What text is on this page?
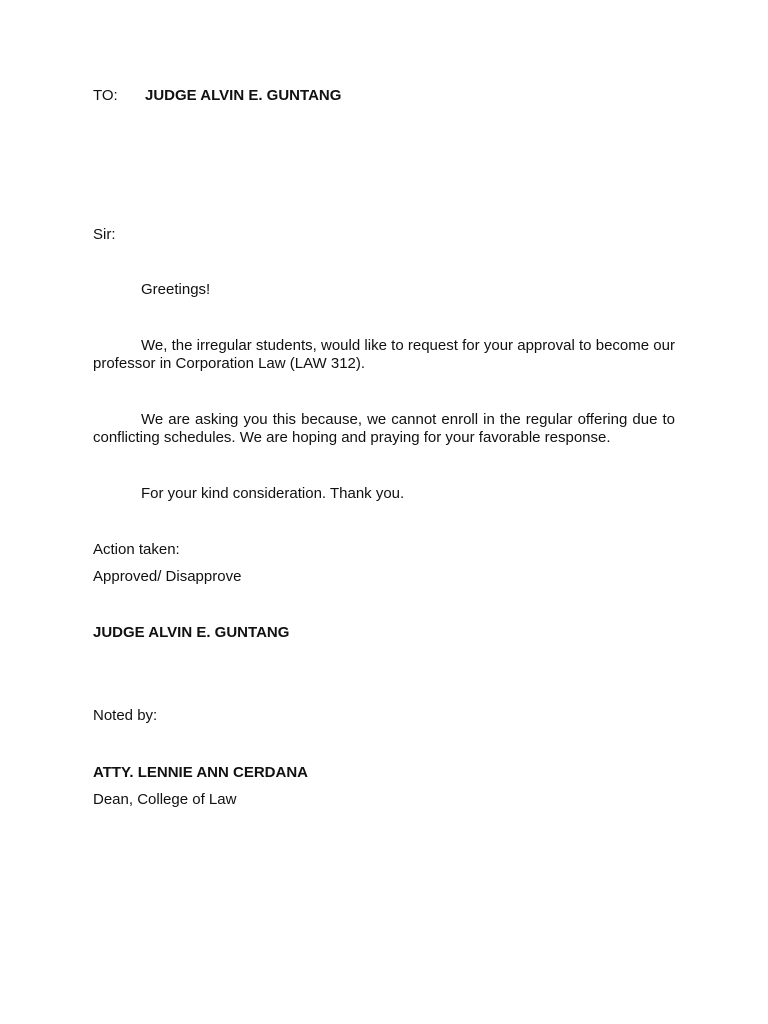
TO: JUDGE ALVIN E. GUNTANG
Sir:
Greetings!
We, the irregular students, would like to request for your approval to become our professor in Corporation Law (LAW 312).
We are asking you this because, we cannot enroll in the regular offering due to conflicting schedules. We are hoping and praying for your favorable response.
For your kind consideration. Thank you.
Action taken:
Approved/ Disapprove
JUDGE ALVIN E. GUNTANG
Noted by:
ATTY. LENNIE ANN CERDANA
Dean, College of Law
